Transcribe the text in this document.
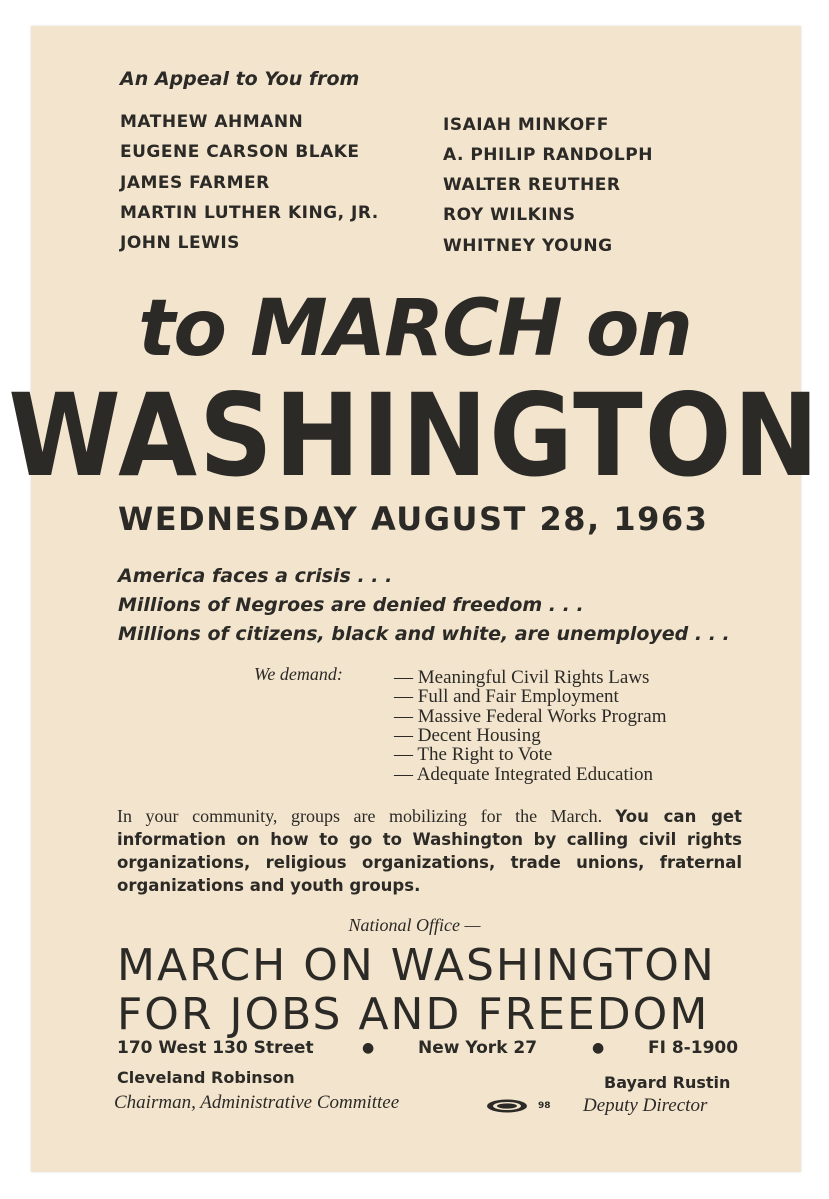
An Appeal to You from
MATHEW AHMANN
EUGENE CARSON BLAKE
JAMES FARMER
MARTIN LUTHER KING, JR.
JOHN LEWIS
ISAIAH MINKOFF
A. PHILIP RANDOLPH
WALTER REUTHER
ROY WILKINS
WHITNEY YOUNG
to MARCH on
WASHINGTON
WEDNESDAY AUGUST 28, 1963
America faces a crisis . . .
Millions of Negroes are denied freedom . . .
Millions of citizens, black and white, are unemployed . . .
We demand:	— Meaningful Civil Rights Laws
— Full and Fair Employment
— Massive Federal Works Program
— Decent Housing
— The Right to Vote
— Adequate Integrated Education
In your community, groups are mobilizing for the March. You can get information on how to go to Washington by calling civil rights organizations, religious organizations, trade unions, fraternal organizations and youth groups.
National Office —
MARCH ON WASHINGTON
FOR JOBS AND FREEDOM
170 West 130 Street	●	New York 27	●	FI 8-1900
Cleveland Robinson
Chairman, Administrative Committee	98
Bayard Rustin
Deputy Director
